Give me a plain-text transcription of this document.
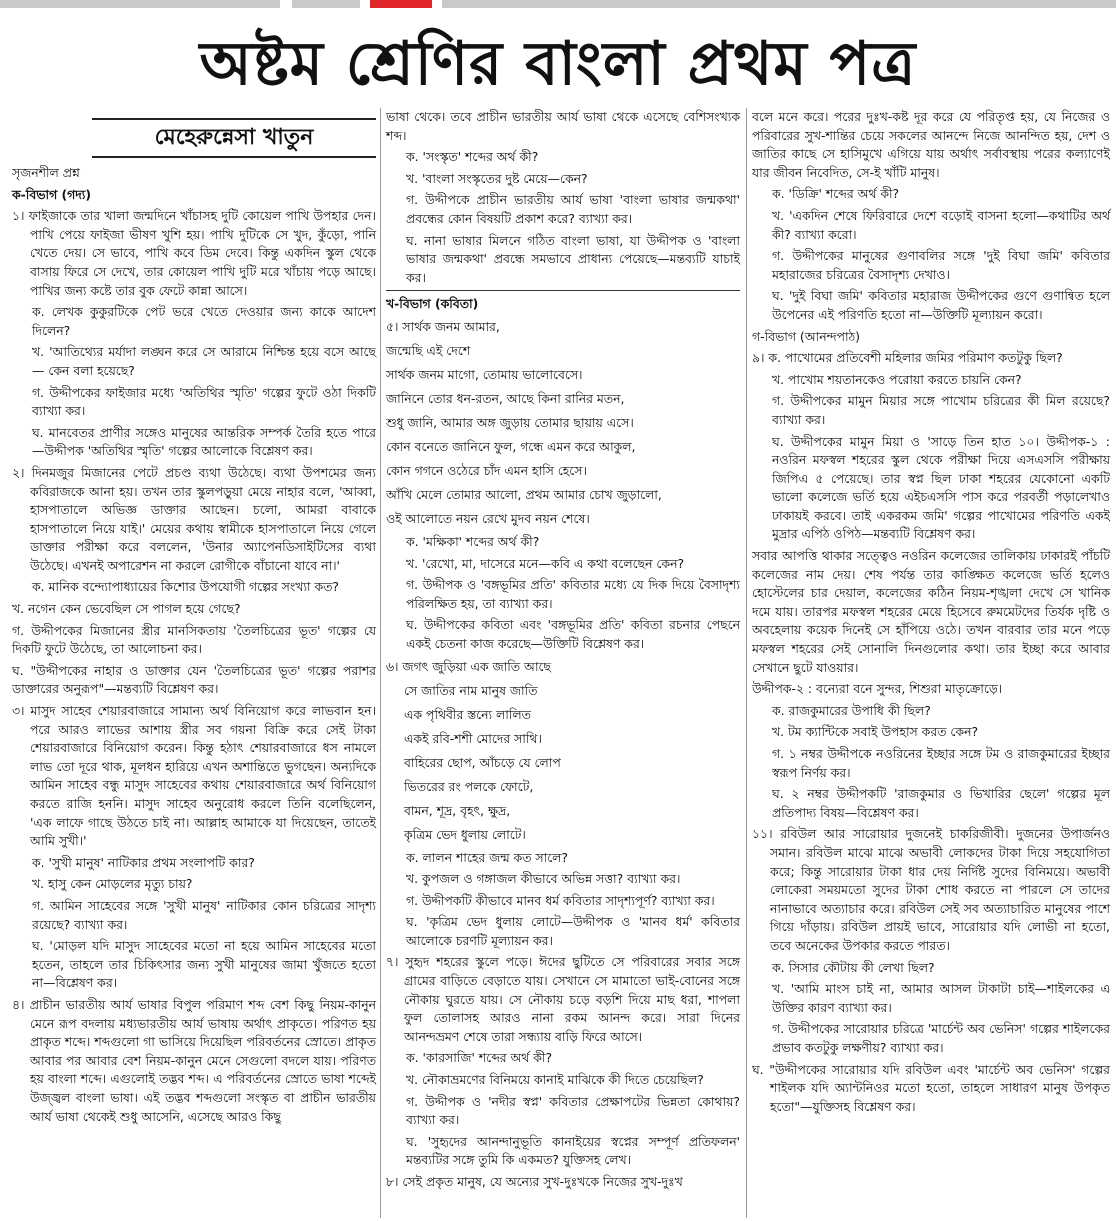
অষ্টম শ্রেণির বাংলা প্রথম পত্র
মেহেরুন্নেসা খাতুন
সৃজনশীল প্রশ্ন
ক-বিভাগ (গদ্য)
১। ফাইজাকে তার খালা জন্মদিনে খাঁচাসহ দুটি কোয়েল পাখি উপহার দেন। পাখি পেয়ে ফাইজা ভীষণ খুশি হয়। পাখি দুটিকে সে খুদ, কুঁড়ো, পানি খেতে দেয়। সে ভাবে, পাখি কবে ডিম দেবে। কিন্তু একদিন স্কুল থেকে বাসায় ফিরে সে দেখে, তার কোয়েল পাখি দুটি মরে খাঁচায় পড়ে আছে। পাখির জন্য কষ্টে তার বুক ফেটে কান্না আসে।
ক. লেখক কুকুরটিকে পেট ভরে খেতে দেওয়ার জন্য কাকে আদেশ দিলেন?
খ. 'আতিথ্যের মর্যাদা লঙ্ঘন করে সে আরামে নিশ্চিন্ত হয়ে বসে আছে— কেন বলা হয়েছে?
গ. উদ্দীপকের ফাইজার মধ্যে 'অতিথির স্মৃতি' গল্পের ফুটে ওঠা দিকটি ব্যাখ্যা কর।
ঘ. মানবেতর প্রাণীর সঙ্গেও মানুষের আন্তরিক সম্পর্ক তৈরি হতে পারে—উদ্দীপক 'অতিথির স্মৃতি' গল্পের আলোকে বিশ্লেষণ কর।
২। দিনমজুর মিজানের পেটে প্রচণ্ড ব্যথা উঠেছে। ব্যথা উপশমের জন্য কবিরাজকে আনা হয়। তখন তার স্কুলপড়ুয়া মেয়ে নাহার বলে, 'আব্বা, হাসপাতালে অভিজ্ঞ ডাক্তার আছেন। চলো, আমরা বাবাকে হাসপাতালে নিয়ে যাই।' মেয়ের কথায় স্বামীকে হাসপাতালে নিয়ে গেলে ডাক্তার পরীক্ষা করে বললেন, 'উনার অ্যাপেনডিসাইটিসের ব্যথা উঠেছে। এখনই অপারেশন না করলে রোগীকে বাঁচানো যাবে না।'
ক. মানিক বন্দ্যোপাধ্যায়ের কিশোর উপযোগী গল্পের সংখ্যা কত?
খ. নগেন কেন ভেবেছিল সে পাগল হয়ে গেছে?
গ. উদ্দীপকের মিজানের স্ত্রীর মানসিকতায় 'তৈলচিত্রের ভূত' গল্পের যে দিকটি ফুটে উঠেছে, তা আলোচনা কর।
ঘ. "উদ্দীপকের নাহার ও ডাক্তার যেন 'তৈলচিত্রের ভূত' গল্পের পরাশর ডাক্তারের অনুরূপ"—মন্তব্যটি বিশ্লেষণ কর।
৩। মাসুদ সাহেব শেয়ারবাজারে সামান্য অর্থ বিনিয়োগ করে লাভবান হন। পরে আরও লাভের আশায় স্ত্রীর সব গয়না বিক্রি করে সেই টাকা শেয়ারবাজারে বিনিয়োগ করেন। কিন্তু হঠাৎ শেয়ারবাজারে ধস নামলে লাভ তো দূরে থাক, মূলধন হারিয়ে এখন অশান্তিতে ভুগছেন। অন্যদিকে আমিন সাহেব বন্ধু মাসুদ সাহেবের কথায় শেয়ারবাজারে অর্থ বিনিয়োগ করতে রাজি হননি। মাসুদ সাহেব অনুরোধ করলে তিনি বলেছিলেন, 'এক লাফে গাছে উঠতে চাই না। আল্লাহ আমাকে যা দিয়েছেন, তাতেই আমি সুখী।'
ক. 'সুখী মানুষ' নাটিকার প্রথম সংলাপটি কার?
খ. হাসু কেন মোড়লের মৃত্যু চায়?
গ. আমিন সাহেবের সঙ্গে 'সুখী মানুষ' নাটিকার কোন চরিত্রের সাদৃশ্য রয়েছে? ব্যাখ্যা কর।
ঘ. 'মোড়ল যদি মাসুদ সাহেবের মতো না হয়ে আমিন সাহেবের মতো হতেন, তাহলে তার চিকিৎসার জন্য সুখী মানুষের জামা খুঁজতে হতো না—বিশ্লেষণ কর।
৪। প্রাচীন ভারতীয় আর্য ভাষার বিপুল পরিমাণ শব্দ বেশ কিছু নিয়ম-কানুন মেনে রূপ বদলায় মধ্যভারতীয় আর্য ভাষায় অর্থাৎ প্রাকৃতে। পরিণত হয় প্রাকৃত শব্দে। শব্দগুলো গা ভাসিয়ে দিয়েছিল পরিবর্তনের স্রোতে। প্রাকৃত আবার পর আবার বেশ নিয়ম-কানুন মেনে সেগুলো বদলে যায়। পরিণত হয় বাংলা শব্দে। এগুলোই তদ্ভব শব্দ। এ পরিবর্তনের স্রোতে ভাষা শব্দেই উজ্জ্বল বাংলা ভাষা। এই তদ্ভব শব্দগুলো সংস্কৃত বা প্রাচীন ভারতীয় আর্য ভাষা থেকেই শুধু আসেনি, এসেছে আরও কিছু
ভাষা থেকে। তবে প্রাচীন ভারতীয় আর্য ভাষা থেকে এসেছে বেশিসংখ্যক শব্দ।
ক. 'সংস্কৃত' শব্দের অর্থ কী?
খ. 'বাংলা সংস্কৃতের দুষ্ট মেয়ে—কেন?
গ. উদ্দীপকে প্রাচীন ভারতীয় আর্য ভাষা 'বাংলা ভাষার জন্মকথা' প্রবন্ধের কোন বিষয়টি প্রকাশ করে? ব্যাখ্যা কর।
ঘ. নানা ভাষার মিলনে গঠিত বাংলা ভাষা, যা উদ্দীপক ও 'বাংলা ভাষার জন্মকথা' প্রবন্ধে সমভাবে প্রাধান্য পেয়েছে—মন্তব্যটি যাচাই কর।
খ-বিভাগ (কবিতা)
৫। সার্থক জনম আমার,
জন্মেছি এই দেশে
সার্থক জনম মাগো, তোমায় ভালোবেসে।
জানিনে তোর ধন-রতন, আছে কিনা রানির মতন,
শুধু জানি, আমার অঙ্গ জুড়ায় তোমার ছায়ায় এসে।
কোন বনেতে জানিনে ফুল, গন্ধে এমন করে আকুল,
কোন গগনে ওঠেরে চাঁদ এমন হাসি হেসে।
আঁখি মেলে তোমার আলো, প্রথম আমার চোখ জুড়ালো,
ওই আলোতে নয়ন রেখে মুদব নয়ন শেষে।
ক. 'মক্ষিকা' শব্দের অর্থ কী?
খ. 'রেখো, মা, দাসেরে মনে—কবি এ কথা বলেছেন কেন?
গ. উদ্দীপক ও 'বঙ্গভূমির প্রতি' কবিতার মধ্যে যে দিক দিয়ে বৈসাদৃশ্য পরিলক্ষিত হয়, তা ব্যাখ্যা কর।
ঘ. উদ্দীপকের কবিতা এবং 'বঙ্গভূমির প্রতি' কবিতা রচনার পেছনে একই চেতনা কাজ করেছে—উক্তিটি বিশ্লেষণ কর।
৬। জগৎ জুড়িয়া এক জাতি আছে
সে জাতির নাম মানুষ জাতি
এক পৃথিবীর স্তন্যে লালিত
একই রবি-শশী মোদের সাথি।
বাহিরের ছোপ, আঁচড়ে যে লোপ
ভিতরের রং পলকে ফোটে,
বামন, শূদ্র, বৃহৎ, ক্ষুদ্র,
কৃত্রিম ভেদ ধুলায় লোটে।
ক. লালন শাহের জন্ম কত সালে?
খ. কুপজল ও গঙ্গাজল কীভাবে অভিন্ন সত্তা? ব্যাখ্যা কর।
গ. উদ্দীপকটি কীভাবে মানব ধর্ম কবিতার সাদৃশ্যপূর্ণ? ব্যাখ্যা কর।
ঘ. 'কৃত্রিম ভেদ ধুলায় লোটে—উদ্দীপক ও 'মানব ধর্ম' কবিতার আলোকে চরণটি মূল্যায়ন কর।
৭। সুহৃদ শহরের স্কুলে পড়ে। ঈদের ছুটিতে সে পরিবারের সবার সঙ্গে গ্রামের বাড়িতে বেড়াতে যায়। সেখানে সে মামাতো ভাই-বোনের সঙ্গে নৌকায় ঘুরতে যায়। সে নৌকায় চড়ে বড়শি দিয়ে মাছ ধরা, শাপলা ফুল তোলাসহ আরও নানা রকম আনন্দ করে। সারা দিনের আনন্দভ্রমণ শেষে তারা সন্ধ্যায় বাড়ি ফিরে আসে।
ক. 'কারসাজি' শব্দের অর্থ কী?
খ. নৌকাভ্রমণের বিনিময়ে কানাই মাঝিকে কী দিতে চেয়েছিল?
গ. উদ্দীপক ও 'নদীর স্বপ্ন' কবিতার প্রেক্ষাপটের ভিন্নতা কোথায়? ব্যাখ্যা কর।
ঘ. 'সুহৃদের আনন্দানুভূতি কানাইয়ের স্বপ্নের সম্পূর্ণ প্রতিফলন' মন্তব্যটির সঙ্গে তুমি কি একমত? যুক্তিসহ লেখ।
৮। সেই প্রকৃত মানুষ, যে অন্যের সুখ-দুঃখকে নিজের সুখ-দুঃখ
বলে মনে করে। পরের দুঃখ-কষ্ট দূর করে যে পরিতৃপ্ত হয়, যে নিজের ও পরিবারের সুখ-শান্তির চেয়ে সকলের আনন্দে নিজে আনন্দিত হয়, দেশ ও জাতির কাছে সে হাসিমুখে এগিয়ে যায় অর্থাৎ সর্বাবস্থায় পরের কল্যাণেই যার জীবন নিবেদিত, সে-ই খাঁটি মানুষ।
ক. 'ডিক্রি' শব্দের অর্থ কী?
খ. 'একদিন শেষে ফিরিবারে দেশে বড়োই বাসনা হলো—কথাটির অর্থ কী? ব্যাখ্যা করো।
গ. উদ্দীপকের মানুষের গুণাবলির সঙ্গে 'দুই বিঘা জমি' কবিতার মহারাজের চরিত্রের বৈসাদৃশ্য দেখাও।
ঘ. 'দুই বিঘা জমি' কবিতার মহারাজ উদ্দীপকের গুণে গুণান্বিত হলে উপেনের এই পরিণতি হতো না—উক্তিটি মূল্যায়ন করো।
গ-বিভাগ (আনন্দপাঠ)
৯। ক. পাখোমের প্রতিবেশী মহিলার জমির পরিমাণ কতটুকু ছিল?
খ. পাখোম শয়তানকেও পরোয়া করতে চায়নি কেন?
গ. উদ্দীপকের মামুন মিয়ার সঙ্গে পাখোম চরিত্রের কী মিল রয়েছে? ব্যাখ্যা কর।
ঘ. উদ্দীপকের মামুন মিয়া ও 'সাড়ে তিন হাত ১০। উদ্দীপক-১ : নওরিন মফস্বল শহরের স্কুল থেকে পরীক্ষা দিয়ে এসএসসি পরীক্ষায় জিপিএ ৫ পেয়েছে। তার স্বপ্ন ছিল ঢাকা শহরের যেকোনো একটি ভালো কলেজে ভর্তি হয়ে এইচএসসি পাস করে পরবর্তী পড়ালেখাও ঢাকায়ই করবে। তাই একরকম জমি' গল্পের পাখোমের পরিণতি একই মুদ্রার এপিঠ ওপিঠ—মন্তব্যটি বিশ্লেষণ কর।
সবার আপত্তি থাকার সত্ত্বেও নওরিন কলেজের তালিকায় ঢাকারই পাঁচটি কলেজের নাম দেয়। শেষ পর্যন্ত তার কাঙ্ক্ষিত কলেজে ভর্তি হলেও হোস্টেলের চার দেয়াল, কলেজের কঠিন নিয়ম-শৃঙ্খলা দেখে সে খানিক দমে যায়। তারপর মফস্বল শহরের মেয়ে হিসেবে রুমমেটদের তির্যক দৃষ্টি ও অবহেলায় কয়েক দিনেই সে হাঁপিয়ে ওঠে। তখন বারবার তার মনে পড়ে মফস্বল শহরের সেই সোনালি দিনগুলোর কথা। তার ইচ্ছা করে আবার সেখানে ছুটে যাওয়ার।
উদ্দীপক-২ : বন্যেরা বনে সুন্দর, শিশুরা মাতৃক্রোড়ে।
ক. রাজকুমারের উপাধি কী ছিল?
খ. টম ক্যান্টিকে সবাই উপহাস করত কেন?
গ. ১ নম্বর উদ্দীপকে নওরিনের ইচ্ছার সঙ্গে টম ও রাজকুমারের ইচ্ছার স্বরূপ নির্ণয় কর।
ঘ. ২ নম্বর উদ্দীপকটি 'রাজকুমার ও ভিখারির ছেলে' গল্পের মূল প্রতিপাদ্য বিষয়—বিশ্লেষণ কর।
১১। রবিউল আর সারোয়ার দুজনেই চাকরিজীবী। দুজনের উপার্জনও সমান। রবিউল মাঝে মাঝে অভাবী লোকদের টাকা দিয়ে সহযোগিতা করে; কিন্তু সারোয়ার টাকা ধার দেয় নির্দিষ্ট সুদের বিনিময়ে। অভাবী লোকেরা সময়মতো সুদের টাকা শোধ করতে না পারলে সে তাদের নানাভাবে অত্যাচার করে। রবিউল সেই সব অত্যাচারিত মানুষের পাশে গিয়ে দাঁড়ায়। রবিউল প্রায়ই ভাবে, সারোয়ার যদি লোভী না হতো, তবে অনেকের উপকার করতে পারত।
ক. সিসার কৌটায় কী লেখা ছিল?
খ. 'আমি মাংস চাই না, আমার আসল টাকাটা চাই—শাইলকের এ উক্তির কারণ ব্যাখ্যা কর।
গ. উদ্দীপকের সারোয়ার চরিত্রে 'মার্চেন্ট অব ভেনিস' গল্পের শাইলকের প্রভাব কতটুকু লক্ষণীয়? ব্যাখ্যা কর।
ঘ. "উদ্দীপকের সারোয়ার যদি রবিউল এবং 'মার্চেন্ট অব ভেনিস' গল্পের শাইলক যদি অ্যান্টনিওর মতো হতো, তাহলে সাধারণ মানুষ উপকৃত হতো"—যুক্তিসহ বিশ্লেষণ কর।
